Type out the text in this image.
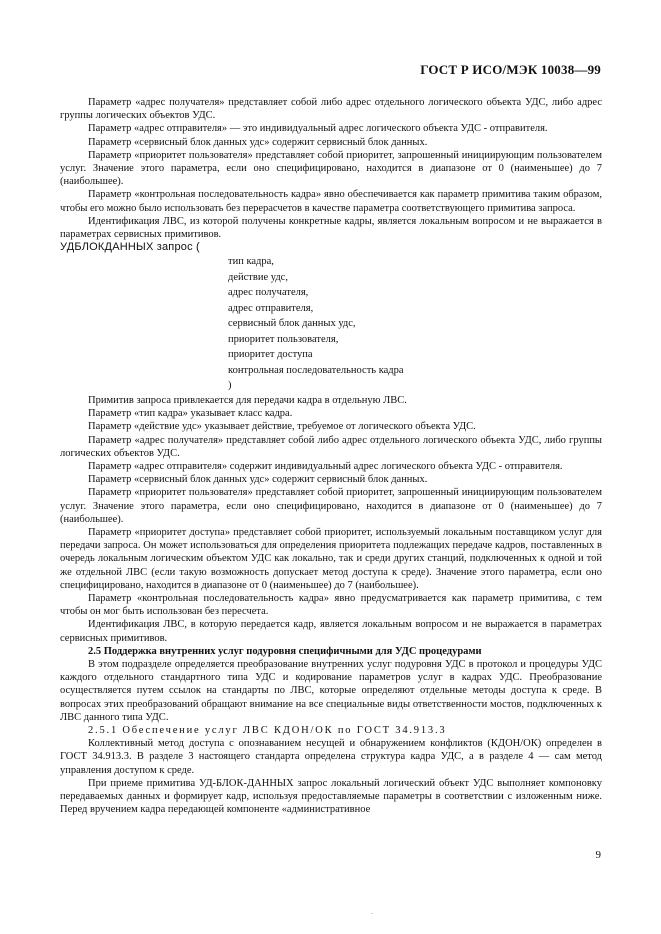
ГОСТ Р ИСО/МЭК 10038—99

Параметр «адрес получателя» представляет собой либо адрес отдельного логического объекта УДС, либо адрес группы логических объектов УДС.

Параметр «адрес отправителя» — это индивидуальный адрес логического объекта УДС - отправителя.

Параметр «сервисный блок данных удс» содержит сервисный блок данных.

Параметр «приоритет пользователя» представляет собой приоритет, запрошенный инициирующим пользователем услуг. Значение этого параметра, если оно специфицировано, находится в диапазоне от 0 (наименьшее) до 7 (наибольшее).

Параметр «контрольная последовательность кадра» явно обеспечивается как параметр примитива таким образом, чтобы его можно было использовать без перерасчетов в качестве параметра соответствующего примитива запроса.

Идентификация ЛВС, из которой получены конкретные кадры, является локальным вопросом и не выражается в параметрах сервисных примитивов.

УДБЛОКДАННЫХ запрос (

тип кадра,
действие удс,
адрес получателя,
адрес отправителя,
сервисный блок данных удс,
приоритет пользователя,
приоритет доступа
контрольная последовательность кадра
)

Примитив запроса привлекается для передачи кадра в отдельную ЛВС.

Параметр «тип кадра» указывает класс кадра.

Параметр «действие удс» указывает действие, требуемое от логического объекта УДС.

Параметр «адрес получателя» представляет собой либо адрес отдельного логического объекта УДС, либо группы логических объектов УДС.

Параметр «адрес отправителя» содержит индивидуальный адрес логического объекта УДС - отправителя.

Параметр «сервисный блок данных удс» содержит сервисный блок данных.

Параметр «приоритет пользователя» представляет собой приоритет, запрошенный инициирующим пользователем услуг. Значение этого параметра, если оно специфицировано, находится в диапазоне от 0 (наименьшее) до 7 (наибольшее).

Параметр «приоритет доступа» представляет собой приоритет, используемый локальным поставщиком услуг для передачи запроса. Он может использоваться для определения приоритета подлежащих передаче кадров, поставленных в очередь локальным логическим объектом УДС как локально, так и среди других станций, подключенных к одной и той же отдельной ЛВС (если такую возможность допускает метод доступа к среде). Значение этого параметра, если оно специфицировано, находится в диапазоне от 0 (наименьшее) до 7 (наибольшее).

Параметр «контрольная последовательность кадра» явно предусматривается как параметр примитива, с тем чтобы он мог быть использован без пересчета.

Идентификация ЛВС, в которую передается кадр, является локальным вопросом и не выражается в параметрах сервисных примитивов.

2.5 Поддержка внутренних услуг подуровня специфичными для УДС процедурами

В этом подразделе определяется преобразование внутренних услуг подуровня УДС в протокол и процедуры УДС каждого отдельного стандартного типа УДС и кодирование параметров услуг в кадрах УДС. Преобразование осуществляется путем ссылок на стандарты по ЛВС, которые определяют отдельные методы доступа к среде. В вопросах этих преобразований обращают внимание на все специальные виды ответственности мостов, подключенных к ЛВС данного типа УДС.

2.5.1 Обеспечение услуг ЛВС КДОН/ОК по ГОСТ 34.913.3

Коллективный метод доступа с опознаванием несущей и обнаружением конфликтов (КДОН/ОК) определен в ГОСТ 34.913.3. В разделе 3 настоящего стандарта определена структура кадра УДС, а в разделе 4 — сам метод управления доступом к среде.

При приеме примитива УД-БЛОК-ДАННЫХ запрос локальный логический объект УДС выполняет компоновку передаваемых данных и формирует кадр, используя предоставляемые параметры в соответствии с изложенным ниже. Перед вручением кадра передающей компоненте «административное

9
.
